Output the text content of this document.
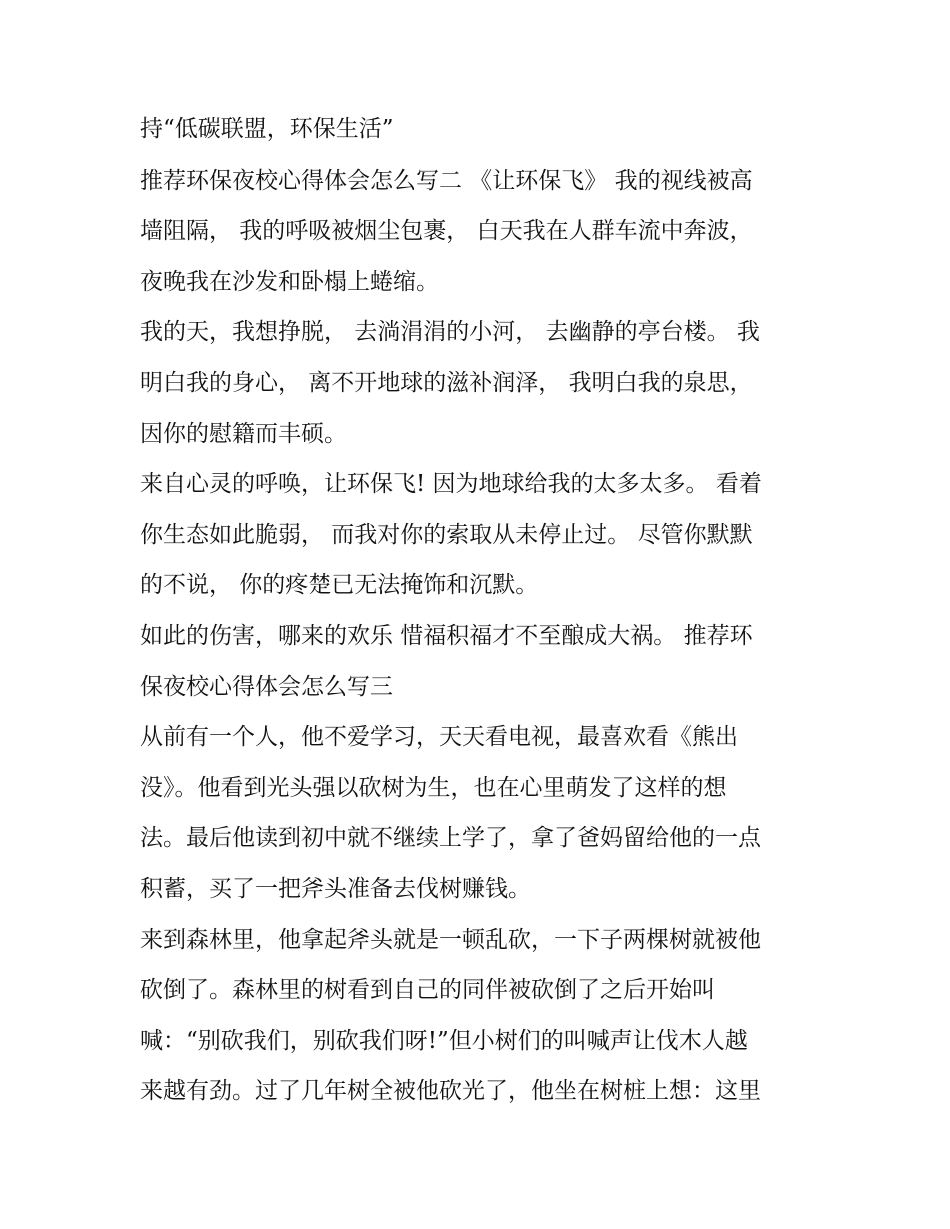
持“低碳联盟，环保生活”

推荐环保夜校心得体会怎么写二 《让环保飞》 我的视线被高

墙阻隔， 我的呼吸被烟尘包裹， 白天我在人群车流中奔波，

夜晚我在沙发和卧榻上蜷缩。

我的天，我想挣脱， 去淌涓涓的小河， 去幽静的亭台楼。 我

明白我的身心， 离不开地球的滋补润泽， 我明白我的泉思，

因你的慰籍而丰硕。

来自心灵的呼唤，让环保飞! 因为地球给我的太多太多。 看着

你生态如此脆弱， 而我对你的索取从未停止过。 尽管你默默

的不说， 你的疼楚已无法掩饰和沉默。

如此的伤害，哪来的欢乐 惜福积福才不至酿成大祸。 推荐环

保夜校心得体会怎么写三

从前有一个人，他不爱学习，天天看电视，最喜欢看《熊出

没》。他看到光头强以砍树为生，也在心里萌发了这样的想

法。最后他读到初中就不继续上学了，拿了爸妈留给他的一点

积蓄，买了一把斧头准备去伐树赚钱。

来到森林里，他拿起斧头就是一顿乱砍，一下子两棵树就被他

砍倒了。森林里的树看到自己的同伴被砍倒了之后开始叫

喊：“别砍我们，别砍我们呀!”但小树们的叫喊声让伐木人越

来越有劲。过了几年树全被他砍光了，他坐在树桩上想：这里
